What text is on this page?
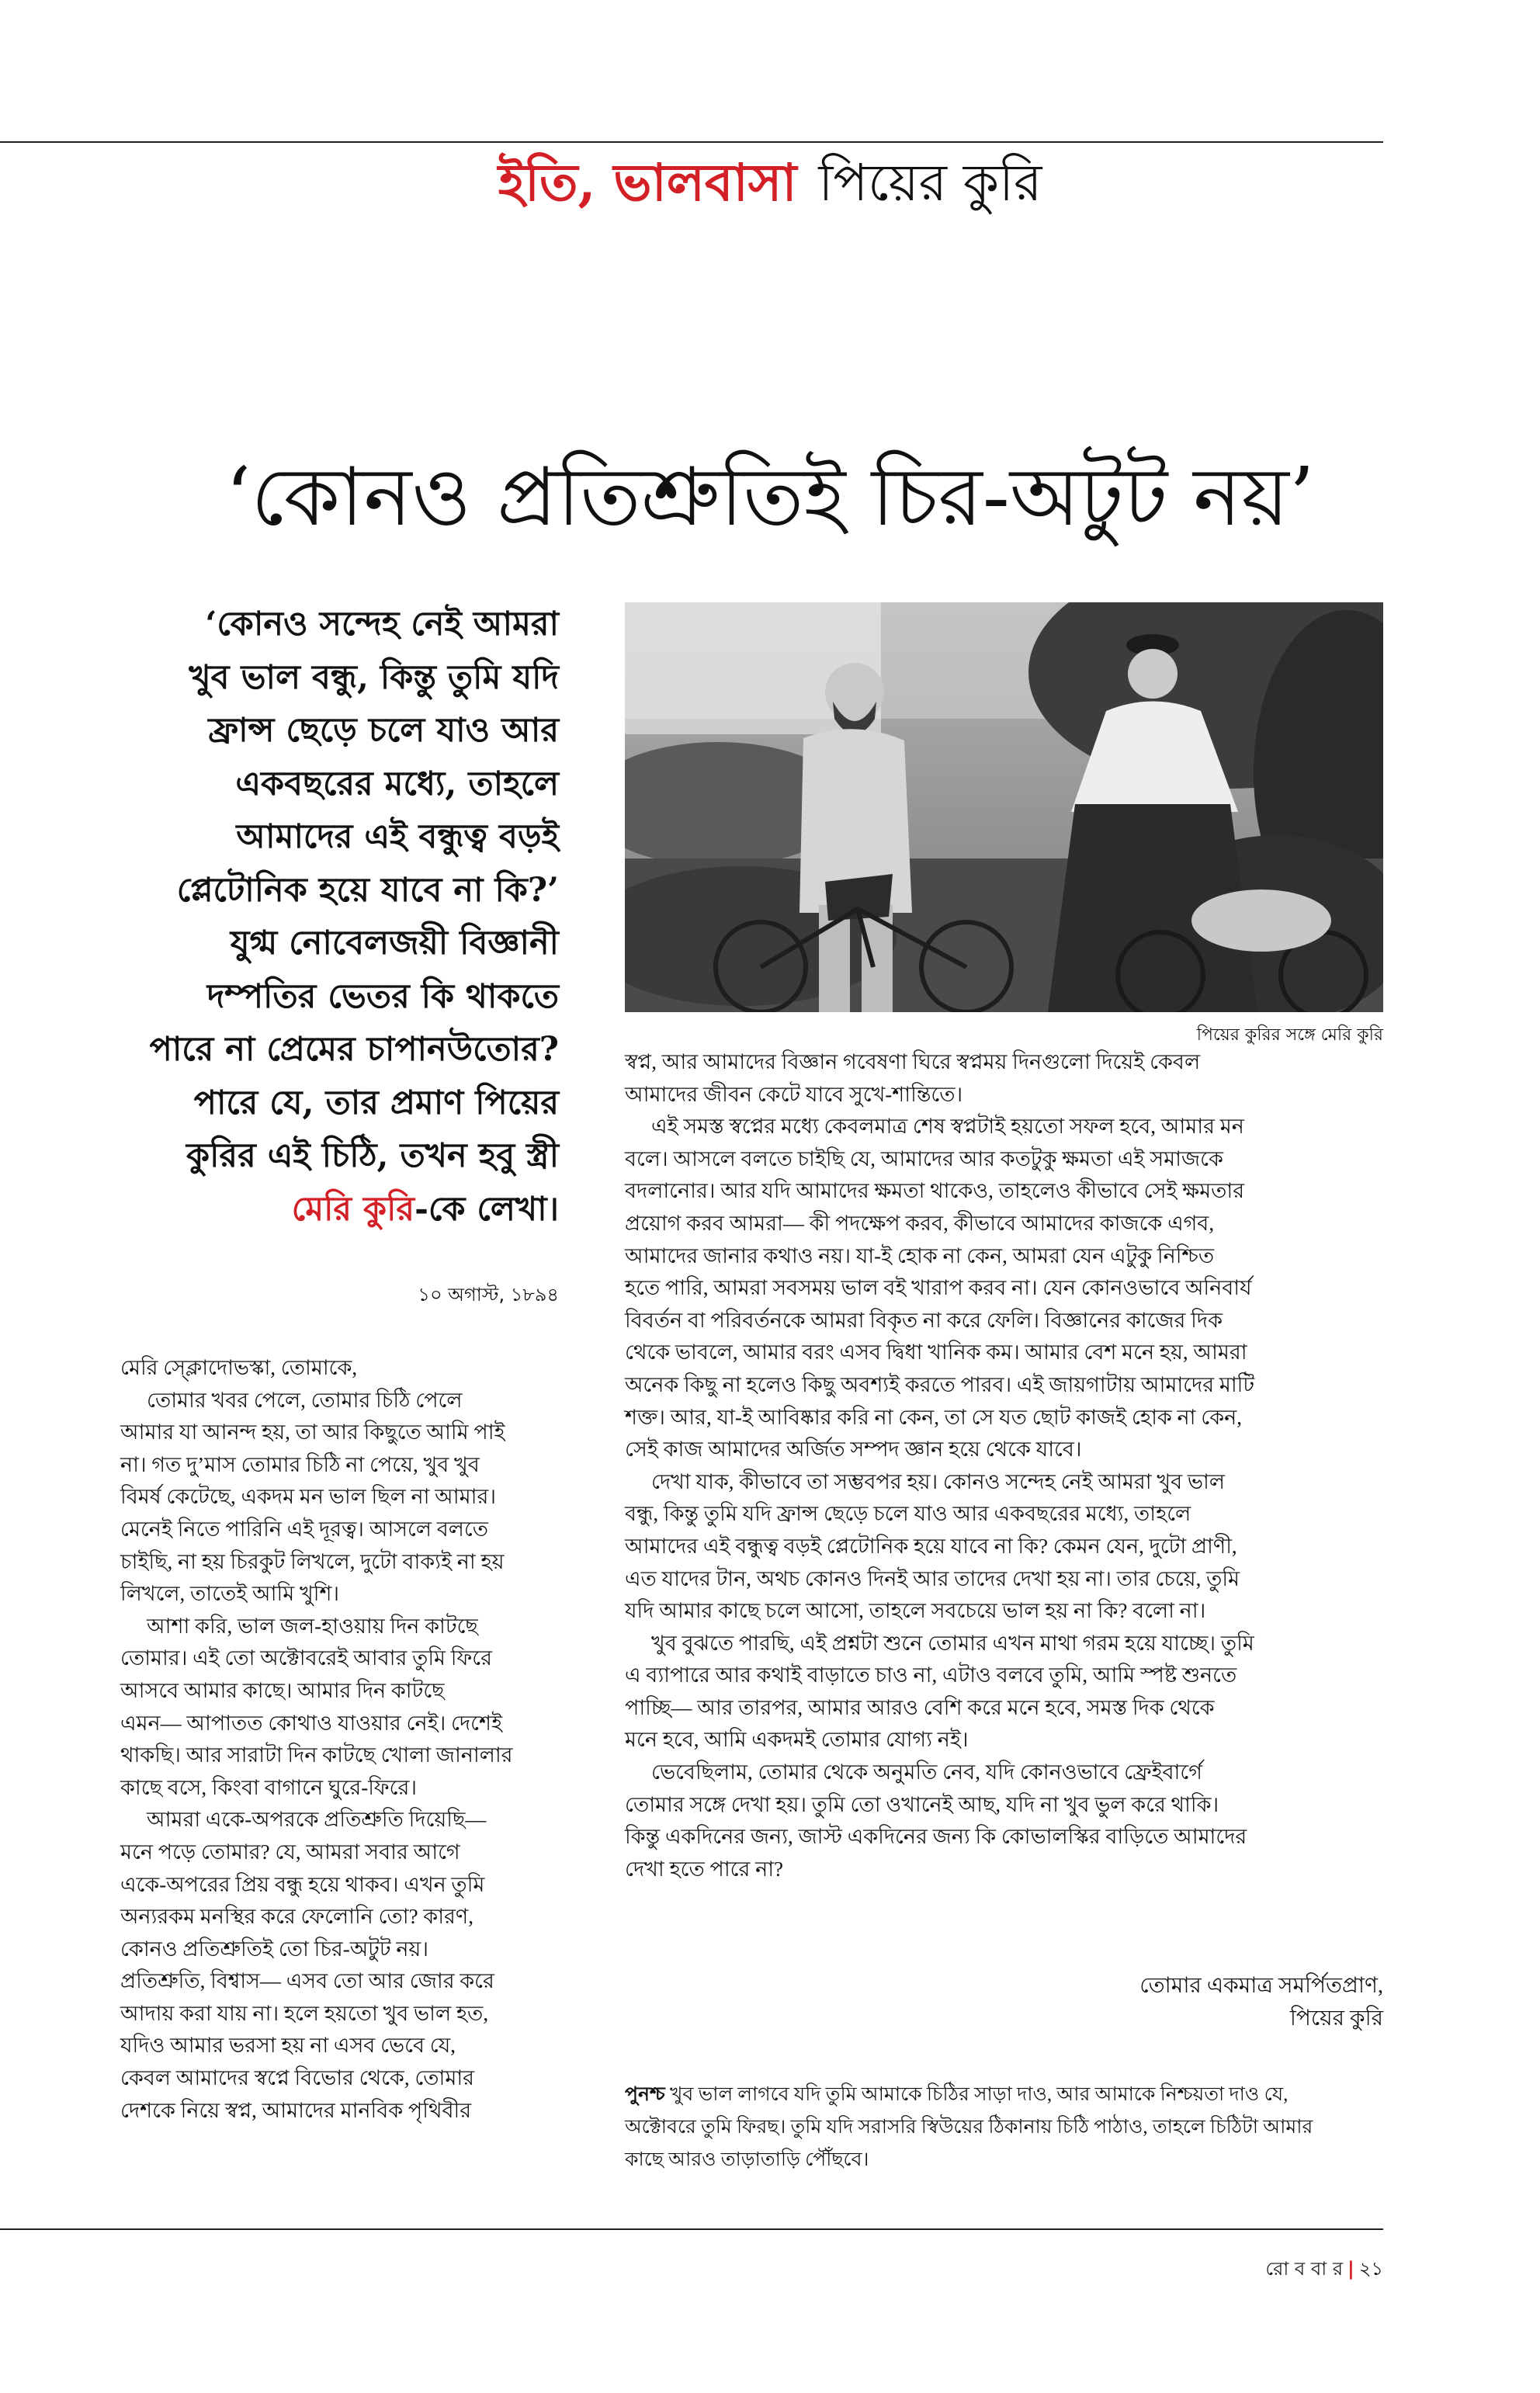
ইতি, ভালবাসা পিয়ের কুরি
‘কোনও প্রতিশ্রুতিই চির-অটুট নয়’
‘কোনও সন্দেহ নেই আমরা
খুব ভাল বন্ধু, কিন্তু তুমি যদি
ফ্রান্স ছেড়ে চলে যাও আর
একবছরের মধ্যে, তাহলে
আমাদের এই বন্ধুত্ব বড়ই
প্লেটোনিক হয়ে যাবে না কি?’
যুগ্ম নোবেলজয়ী বিজ্ঞানী
দম্পতির ভেতর কি থাকতে
পারে না প্রেমের চাপানউতোর?
পারে যে, তার প্রমাণ পিয়ের
কুরির এই চিঠি, তখন হবু স্ত্রী
মেরি কুরি-কে লেখা।
১০ অগাস্ট, ১৮৯৪
মেরি স্ক্লোদোভস্কা, তোমাকে,
তোমার খবর পেলে, তোমার চিঠি পেলে
আমার যা আনন্দ হয়, তা আর কিছুতে আমি পাই
না। গত দু’মাস তোমার চিঠি না পেয়ে, খুব খুব
বিমর্ষ কেটেছে, একদম মন ভাল ছিল না আমার।
মেনেই নিতে পারিনি এই দূরত্ব। আসলে বলতে
চাইছি, না হয় চিরকুট লিখলে, দুটো বাক্যই না হয়
লিখলে, তাতেই আমি খুশি।
আশা করি, ভাল জল-হাওয়ায় দিন কাটছে
তোমার। এই তো অক্টোবরেই আবার তুমি ফিরে
আসবে আমার কাছে। আমার দিন কাটছে
এমন— আপাতত কোথাও যাওয়ার নেই। দেশেই
থাকছি। আর সারাটা দিন কাটছে খোলা জানালার
কাছে বসে, কিংবা বাগানে ঘুরে-ফিরে।
আমরা একে-অপরকে প্রতিশ্রুতি দিয়েছি—
মনে পড়ে তোমার? যে, আমরা সবার আগে
একে-অপরের প্রিয় বন্ধু হয়ে থাকব। এখন তুমি
অন্যরকম মনস্থির করে ফেলোনি তো? কারণ,
কোনও প্রতিশ্রুতিই তো চির-অটুট নয়।
প্রতিশ্রুতি, বিশ্বাস— এসব তো আর জোর করে
আদায় করা যায় না। হলে হয়তো খুব ভাল হত,
যদিও আমার ভরসা হয় না এসব ভেবে যে,
কেবল আমাদের স্বপ্নে বিভোর থেকে, তোমার
দেশকে নিয়ে স্বপ্ন, আমাদের মানবিক পৃথিবীর
পিয়ের কুরির সঙ্গে মেরি কুরি
স্বপ্ন, আর আমাদের বিজ্ঞান গবেষণা ঘিরে স্বপ্নময় দিনগুলো দিয়েই কেবল
আমাদের জীবন কেটে যাবে সুখে-শান্তিতে।
এই সমস্ত স্বপ্নের মধ্যে কেবলমাত্র শেষ স্বপ্নটাই হয়তো সফল হবে, আমার মন
বলে। আসলে বলতে চাইছি যে, আমাদের আর কতটুকু ক্ষমতা এই সমাজকে
বদলানোর। আর যদি আমাদের ক্ষমতা থাকেও, তাহলেও কীভাবে সেই ক্ষমতার
প্রয়োগ করব আমরা— কী পদক্ষেপ করব, কীভাবে আমাদের কাজকে এগব,
আমাদের জানার কথাও নয়। যা-ই হোক না কেন, আমরা যেন এটুকু নিশ্চিত
হতে পারি, আমরা সবসময় ভাল বই খারাপ করব না। যেন কোনওভাবে অনিবার্য
বিবর্তন বা পরিবর্তনকে আমরা বিকৃত না করে ফেলি। বিজ্ঞানের কাজের দিক
থেকে ভাবলে, আমার বরং এসব দ্বিধা খানিক কম। আমার বেশ মনে হয়, আমরা
অনেক কিছু না হলেও কিছু অবশ্যই করতে পারব। এই জায়গাটায় আমাদের মাটি
শক্ত। আর, যা-ই আবিষ্কার করি না কেন, তা সে যত ছোট কাজই হোক না কেন,
সেই কাজ আমাদের অর্জিত সম্পদ জ্ঞান হয়ে থেকে যাবে।
দেখা যাক, কীভাবে তা সম্ভবপর হয়। কোনও সন্দেহ নেই আমরা খুব ভাল
বন্ধু, কিন্তু তুমি যদি ফ্রান্স ছেড়ে চলে যাও আর একবছরের মধ্যে, তাহলে
আমাদের এই বন্ধুত্ব বড়ই প্লেটোনিক হয়ে যাবে না কি? কেমন যেন, দুটো প্রাণী,
এত যাদের টান, অথচ কোনও দিনই আর তাদের দেখা হয় না। তার চেয়ে, তুমি
যদি আমার কাছে চলে আসো, তাহলে সবচেয়ে ভাল হয় না কি? বলো না।
খুব বুঝতে পারছি, এই প্রশ্নটা শুনে তোমার এখন মাথা গরম হয়ে যাচ্ছে। তুমি
এ ব্যাপারে আর কথাই বাড়াতে চাও না, এটাও বলবে তুমি, আমি স্পষ্ট শুনতে
পাচ্ছি— আর তারপর, আমার আরও বেশি করে মনে হবে, সমস্ত দিক থেকে
মনে হবে, আমি একদমই তোমার যোগ্য নই।
ভেবেছিলাম, তোমার থেকে অনুমতি নেব, যদি কোনওভাবে ফ্রেইবার্গে
তোমার সঙ্গে দেখা হয়। তুমি তো ওখানেই আছ, যদি না খুব ভুল করে থাকি।
কিন্তু একদিনের জন্য, জাস্ট একদিনের জন্য কি কোভালস্কির বাড়িতে আমাদের
দেখা হতে পারে না?
তোমার একমাত্র সমর্পিতপ্রাণ,
পিয়ের কুরি
পুনশ্চ খুব ভাল লাগবে যদি তুমি আমাকে চিঠির সাড়া দাও, আর আমাকে নিশ্চয়তা দাও যে,
অক্টোবরে তুমি ফিরছ। তুমি যদি সরাসরি স্বিউয়ের ঠিকানায় চিঠি পাঠাও, তাহলে চিঠিটা আমার
কাছে আরও তাড়াতাড়ি পৌঁছবে।
রো ব বা র | ২১
